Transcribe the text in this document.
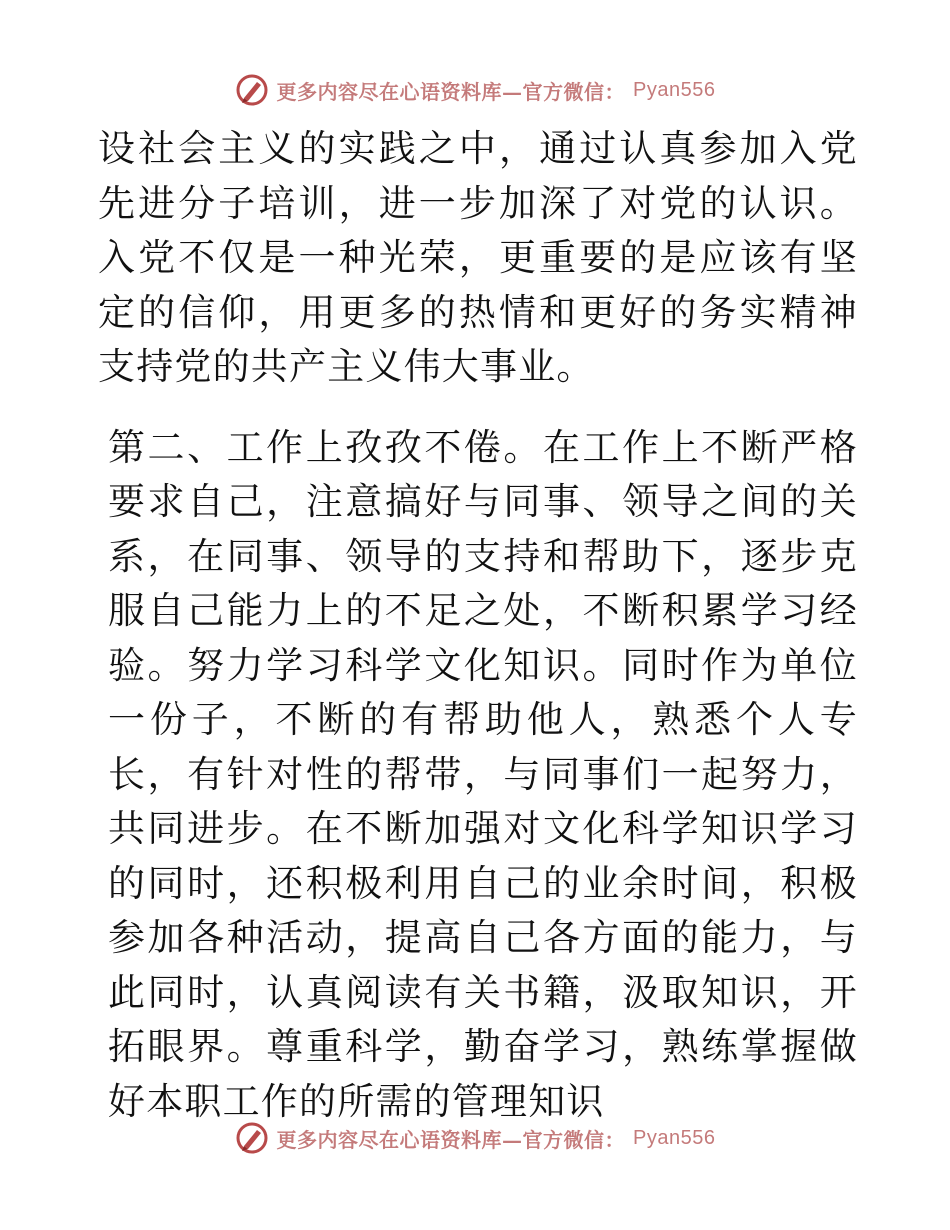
更多内容尽在心语资料库—官方微信： Pyan556

设社会主义的实践之中，通过认真参加入党先进分子培训，进一步加深了对党的认识。入党不仅是一种光荣，更重要的是应该有坚定的信仰，用更多的热情和更好的务实精神支持党的共产主义伟大事业。

第二、工作上孜孜不倦。在工作上不断严格要求自己，注意搞好与同事、领导之间的关系，在同事、领导的支持和帮助下，逐步克服自己能力上的不足之处，不断积累学习经验。努力学习科学文化知识。同时作为单位一份子，不断的有帮助他人，熟悉个人专长，有针对性的帮带，与同事们一起努力，共同进步。在不断加强对文化科学知识学习的同时，还积极利用自己的业余时间，积极参加各种活动，提高自己各方面的能力，与此同时，认真阅读有关书籍，汲取知识，开拓眼界。尊重科学，勤奋学习，熟练掌握做好本职工作的所需的管理知识

更多内容尽在心语资料库—官方微信： Pyan556
